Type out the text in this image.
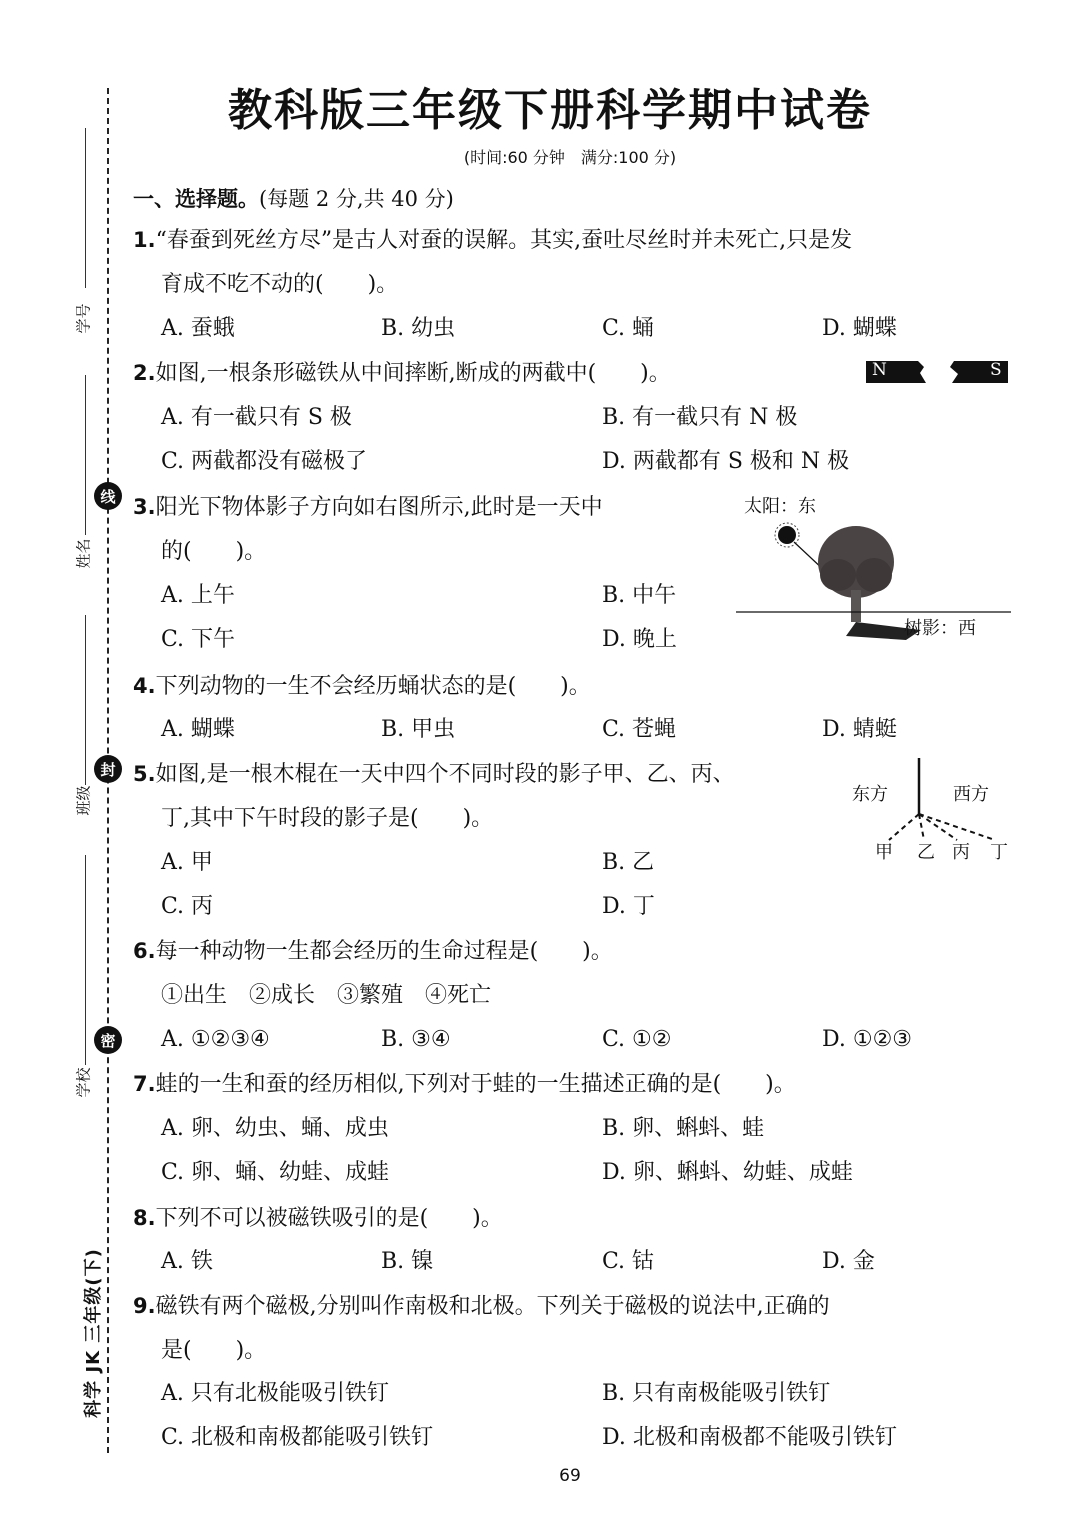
学号
姓名
班级
学校
线
封
密
科学 JK 三年级(下)
教科版三年级下册科学期中试卷
(时间:60 分钟　满分:100 分)
一、选择题。(每题 2 分,共 40 分)
1.“春蚕到死丝方尽”是古人对蚕的误解。其实,蚕吐尽丝时并未死亡,只是发
育成不吃不动的(　　)。
A. 蚕蛾	B. 幼虫	C. 蛹	D. 蝴蝶
2.如图,一根条形磁铁从中间摔断,断成的两截中(　　)。	N	S
A. 有一截只有 S 极	B. 有一截只有 N 极
C. 两截都没有磁极了	D. 两截都有 S 极和 N 极
3.阳光下物体影子方向如右图所示,此时是一天中
的(　　)。
太阳：东
树影：西
A. 上午	B. 中午
C. 下午	D. 晚上
4.下列动物的一生不会经历蛹状态的是(　　)。
A. 蝴蝶	B. 甲虫	C. 苍蝇	D. 蜻蜓
5.如图,是一根木棍在一天中四个不同时段的影子甲、乙、丙、
丁,其中下午时段的影子是(　　)。
东方	西方
甲 乙 丙 丁
A. 甲	B. 乙
C. 丙	D. 丁
6.每一种动物一生都会经历的生命过程是(　　)。
①出生　②成长　③繁殖　④死亡
A. ①②③④	B. ③④	C. ①②	D. ①②③
7.蛙的一生和蚕的经历相似,下列对于蛙的一生描述正确的是(　　)。
A. 卵、幼虫、蛹、成虫	B. 卵、蝌蚪、蛙
C. 卵、蛹、幼蛙、成蛙	D. 卵、蝌蚪、幼蛙、成蛙
8.下列不可以被磁铁吸引的是(　　)。
A. 铁	B. 镍	C. 钴	D. 金
9.磁铁有两个磁极,分别叫作南极和北极。下列关于磁极的说法中,正确的
是(　　)。
A. 只有北极能吸引铁钉	B. 只有南极能吸引铁钉
C. 北极和南极都能吸引铁钉	D. 北极和南极都不能吸引铁钉
69
